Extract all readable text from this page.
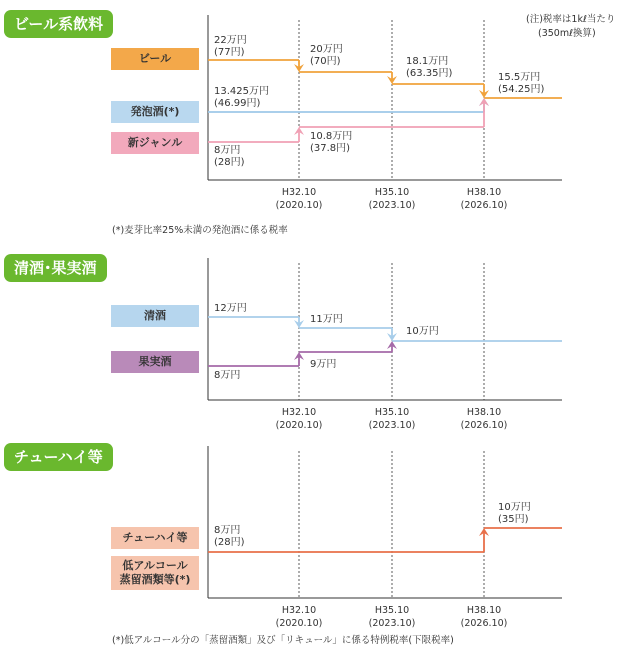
ビール系飲料
清酒･果実酒
チューハイ等
(注)税率は1kℓ当たり
(350mℓ換算)
ビール
発泡酒(*)
新ジャンル
清酒
果実酒
チューハイ等
低アルコール蒸留酒類等(*)
(*)麦芽比率25%未満の発泡酒に係る税率
(*)低アルコール分の「蒸留酒類」及び「リキュール」に係る特例税率(下限税率)
H32.10
(2020.10)
H35.10
(2023.10)
H38.10
(2026.10)
22万円
(77円)	20万円
(70円)	18.1万円
(63.35円)	15.5万円
(54.25円)
13.425万円
(46.99円)
8万円
(28円)
10.8万円
(37.8円)
H32.10
(2020.10)
H35.10
(2023.10)
H38.10
(2026.10)
12万円
11万円
10万円
8万円
9万円
H32.10
(2020.10)
H35.10
(2023.10)
H38.10
(2026.10)
8万円
(28円)
10万円
(35円)
